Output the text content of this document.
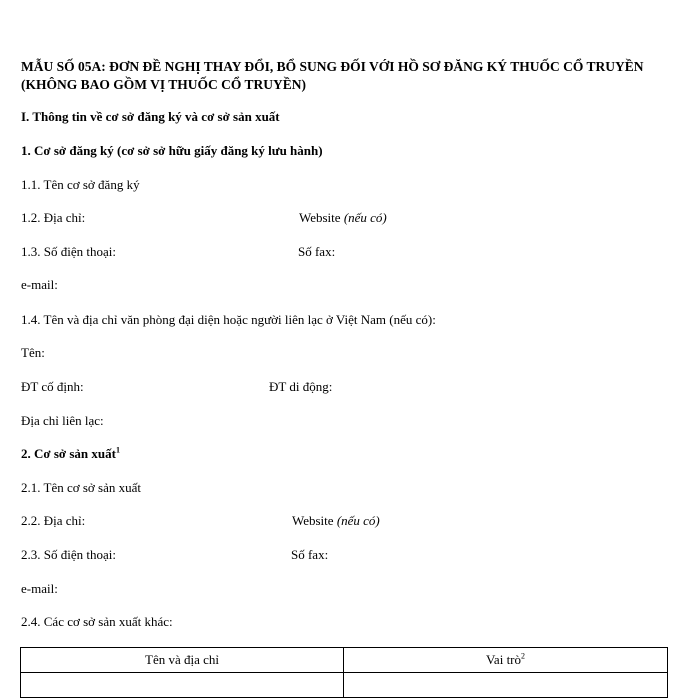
MẪU SỐ 05A: ĐƠN ĐỀ NGHỊ THAY ĐỔI, BỔ SUNG ĐỐI VỚI HỒ SƠ ĐĂNG KÝ THUỐC CỔ TRUYỀN (KHÔNG BAO GỒM VỊ THUỐC CỔ TRUYỀN)
I. Thông tin về cơ sở đăng ký và cơ sở sản xuất
1. Cơ sở đăng ký (cơ sở sở hữu giấy đăng ký lưu hành)
1.1. Tên cơ sở đăng ký
1.2. Địa chỉ:	Website (nếu có)
1.3. Số điện thoại:	Số fax:
e-mail:
1.4. Tên và địa chỉ văn phòng đại diện hoặc người liên lạc ở Việt Nam (nếu có):
Tên:
ĐT cố định:	ĐT di động:
Địa chỉ liên lạc:
2. Cơ sở sản xuất$^1$
2.1. Tên cơ sở sản xuất
2.2. Địa chỉ:	Website (nếu có)
2.3. Số điện thoại:	Số fax:
e-mail:
2.4. Các cơ sở sản xuất khác:
Tên và địa chỉ	Vai trò$^2$
